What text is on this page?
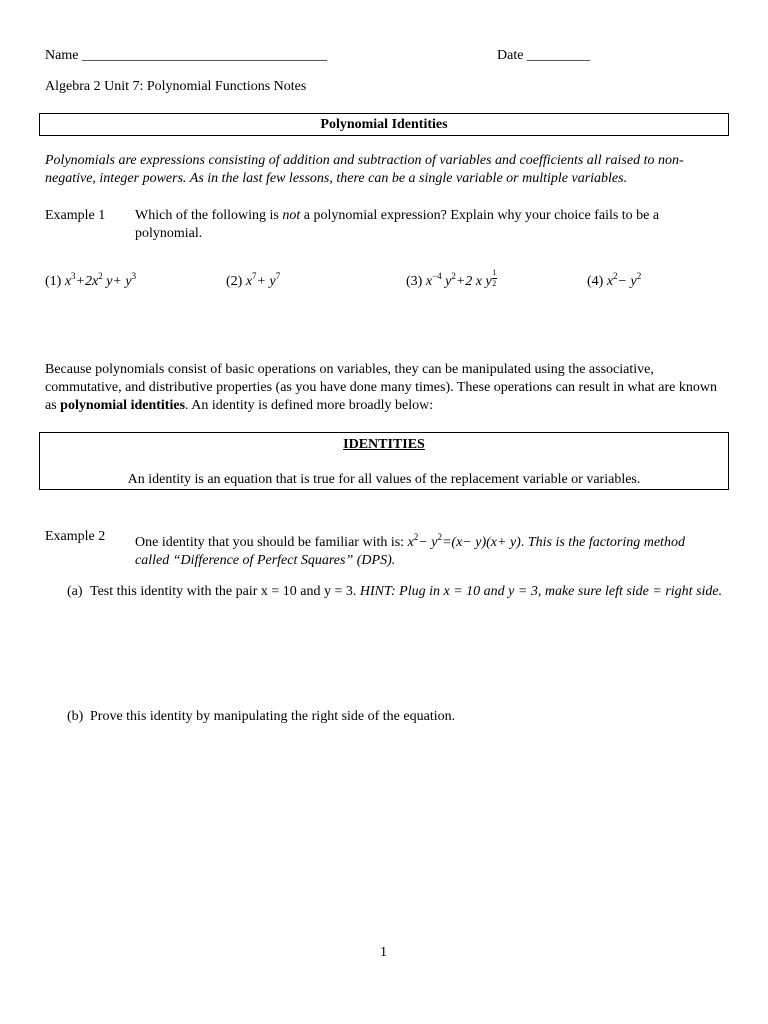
Name ___________________________________	Date _________
Algebra 2 Unit 7: Polynomial Functions Notes
Polynomial Identities
Polynomials are expressions consisting of addition and subtraction of variables and coefficients all raised to non-negative, integer powers. As in the last few lessons, there can be a single variable or multiple variables.
Example 1 Which of the following is not a polynomial expression? Explain why your choice fails to be a polynomial.
(1) $x^3+2x^2$ $y+ y^3$	(2) $x^7+ y^7$	(3) $x^{-4}$ $y^2+2$ x y $\frac{1}{2}$	(4) $x^2- y^2$
Because polynomials consist of basic operations on variables, they can be manipulated using the associative, commutative, and distributive properties (as you have done many times). These operations can result in what are known as polynomial identities. An identity is defined more broadly below:
IDENTITIES
An identity is an equation that is true for all values of the replacement variable or variables.
Example 2 One identity that you should be familiar with is: $x^2- y^2=(x- y)(x+ y)$. This is the factoring method called “Difference of Perfect Squares” (DPS).
(a) Test this identity with the pair x = 10 and y = 3. HINT: Plug in x = 10 and y = 3, make sure left side = right side.
(b) Prove this identity by manipulating the right side of the equation.
1
